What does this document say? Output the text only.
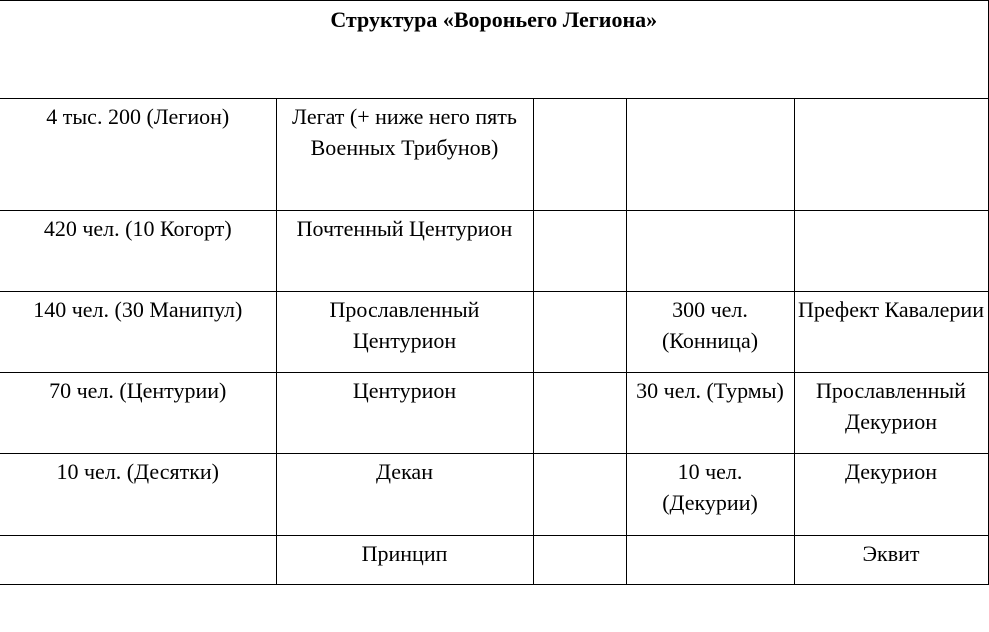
Структура «Вороньего Легиона»				
4 тыс. 200 (Легион)	Легат (+ ниже него пять Военных Трибунов)			
420 чел. (10 Когорт)	Почтенный Центурион			
140 чел. (30 Манипул)	Прославленный Центурион		300 чел. (Конница)	Префект Кавалерии
70 чел. (Центурии)	Центурион		30 чел. (Турмы)	Прославленный Декурион
10 чел. (Десятки)	Декан		10 чел. (Декурии)	Декурион
	Принцип			Эквит
